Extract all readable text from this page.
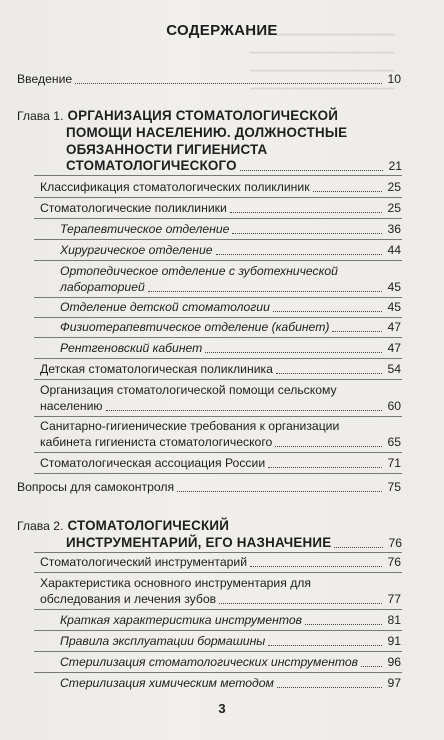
━━━━━━━━━━━━━━━━━━━━━━━━
━━━━━━━━━━━━━━━━━━━━━━━━
━━━━━━━━━━━━━━━━━━━━━━━━
━━━━━━━━━━━━━━━━━━━━━━━━
СОДЕРЖАНИЕ
Введение	10
Глава 1. ОРГАНИЗАЦИЯ СТОМАТОЛОГИЧЕСКОЙ
ПОМОЩИ НАСЕЛЕНИЮ. ДОЛЖНОСТНЫЕ
ОБЯЗАННОСТИ ГИГИЕНИСТА
СТОМАТОЛОГИЧЕСКОГО	21
Классификация стоматологических поликлиник	25
Стоматологические поликлиники	25
Терапевтическое отделение	36
Хирургическое отделение	44
Ортопедическое отделение с зуботехнической
лабораторией	45
Отделение детской стоматологии	45
Физиотерапевтическое отделение (кабинет)	47
Рентгеновский кабинет	47
Детская стоматологическая поликлиника	54
Организация стоматологической помощи сельскому
населению	60
Санитарно-гигиенические требования к организации
кабинета гигиениста стоматологического	65
Стоматологическая ассоциация России	71
Вопросы для самоконтроля	75
Глава 2. СТОМАТОЛОГИЧЕСКИЙ
ИНСТРУМЕНТАРИЙ, ЕГО НАЗНАЧЕНИЕ	76
Стоматологический инструментарий	76
Характеристика основного инструментария для
обследования и лечения зубов	77
Краткая характеристика инструментов	81
Правила эксплуатации бормашины	91
Стерилизация стоматологических инструментов 96
Стерилизация химическим методом	97
3
